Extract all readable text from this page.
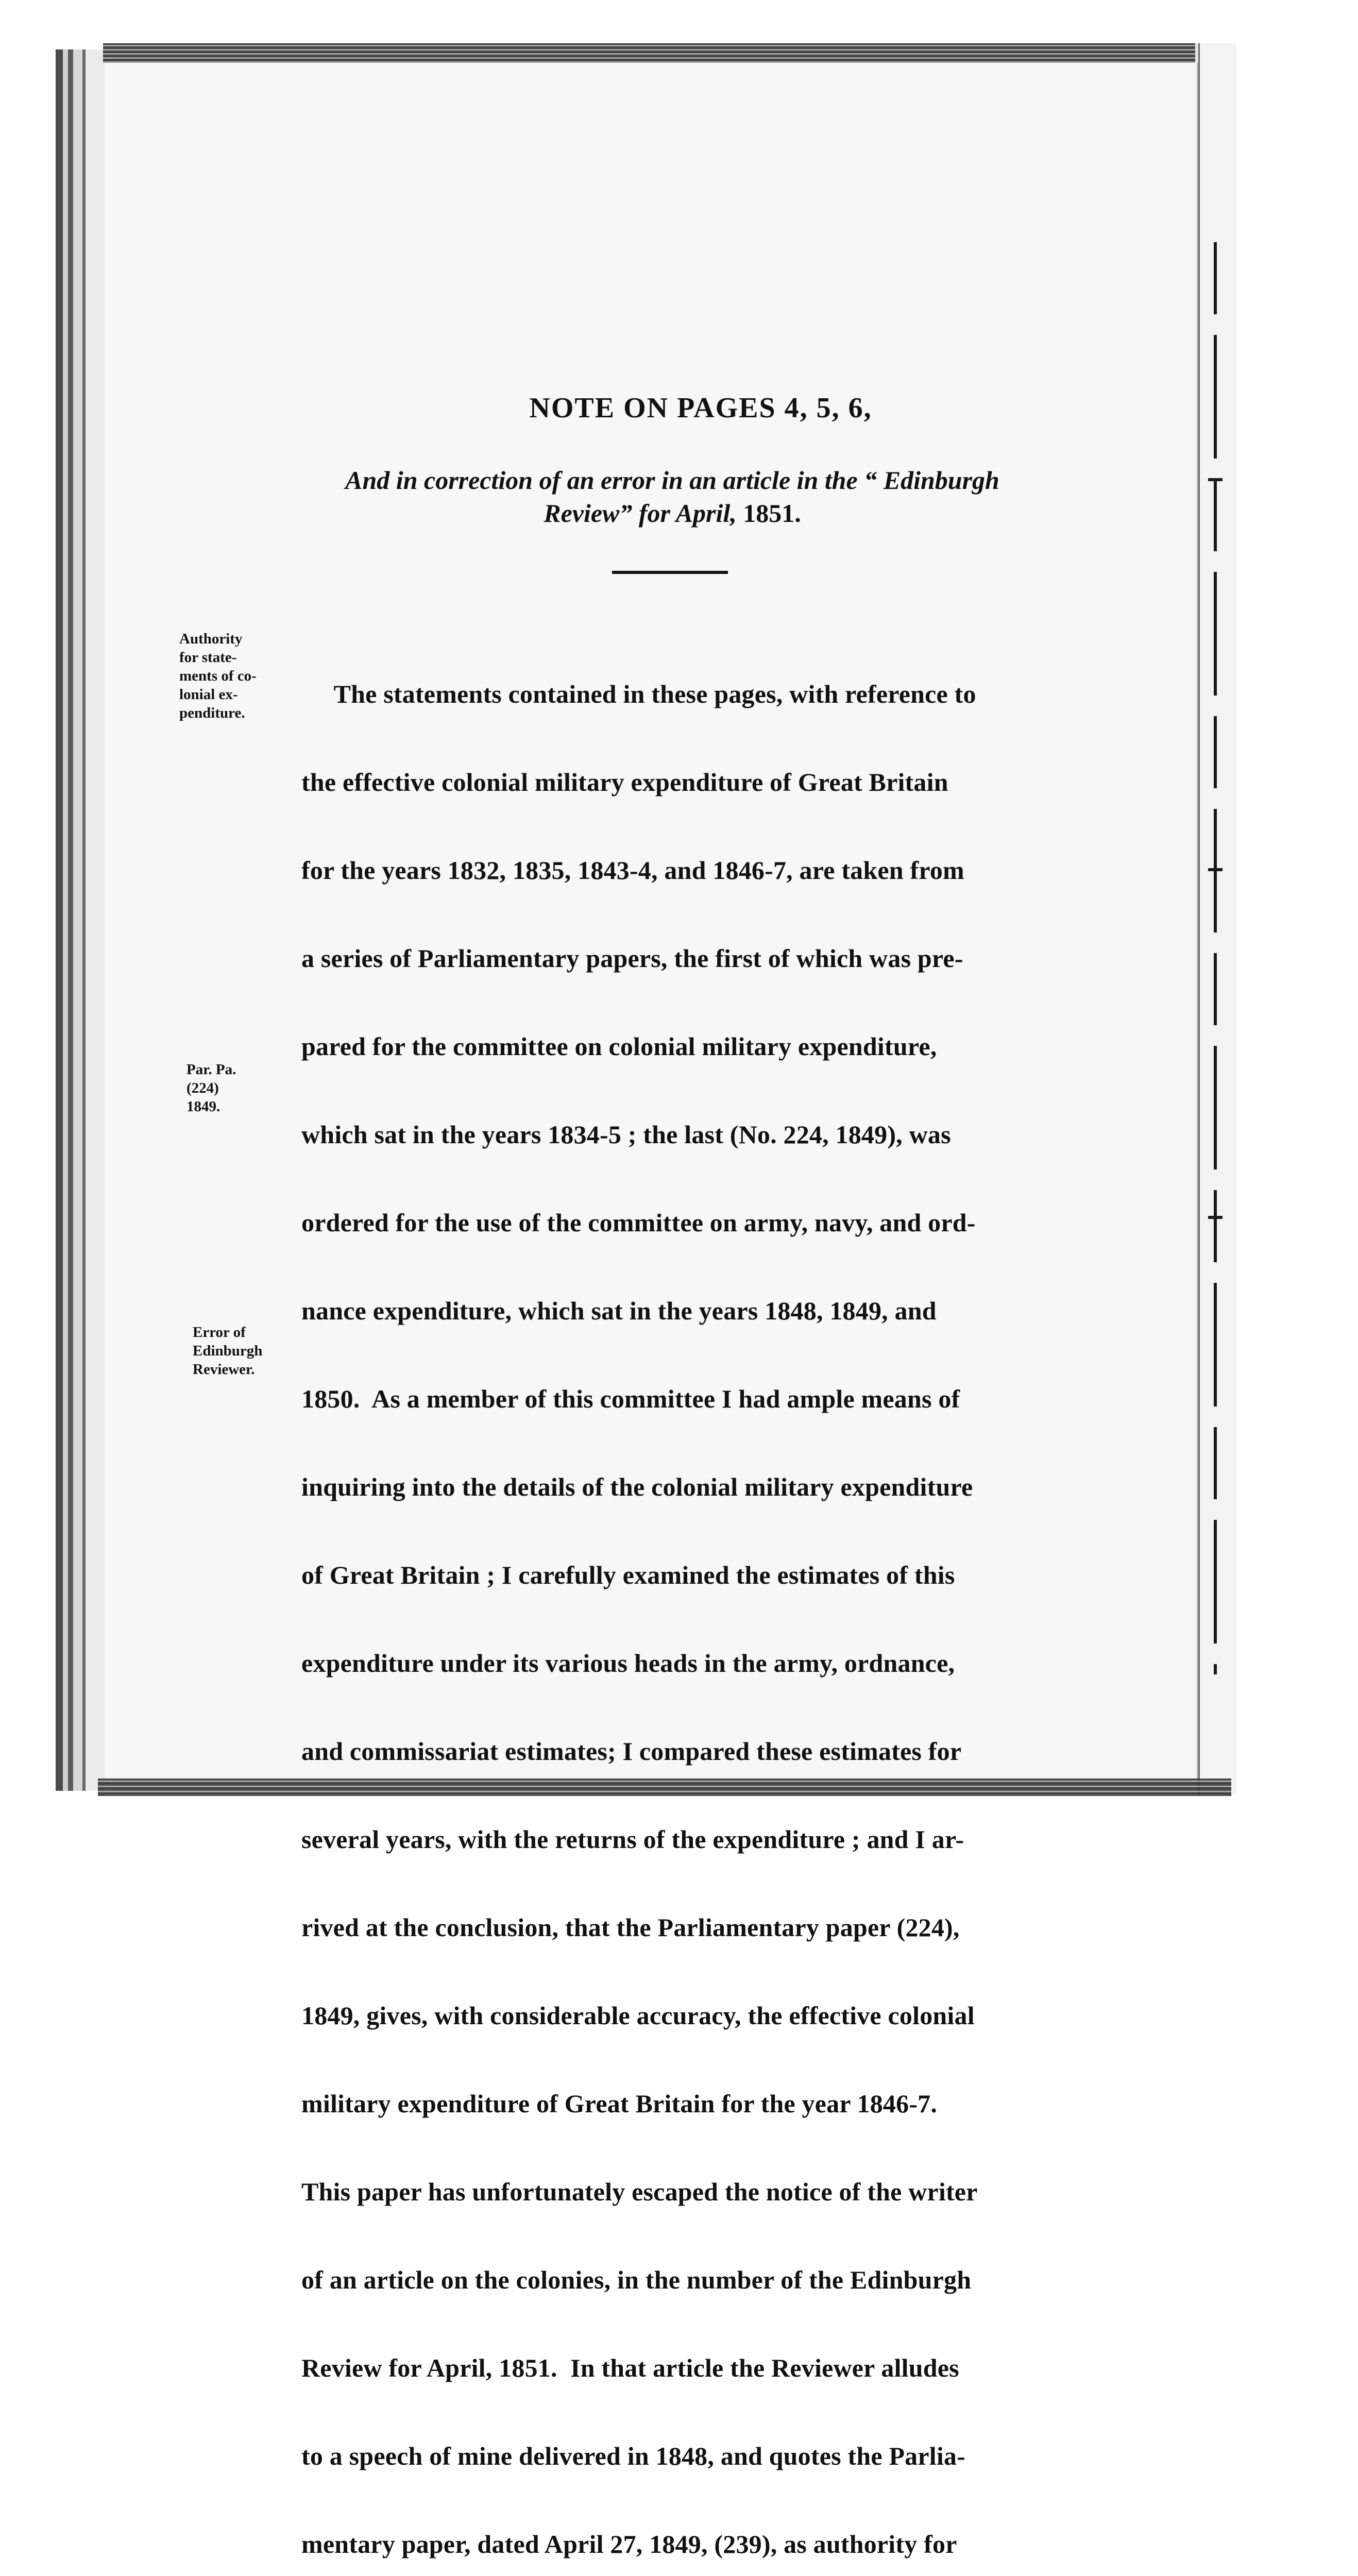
NOTE ON PAGES 4, 5, 6,
And in correction of an error in an article in the “ Edinburgh
Review” for April, 1851.
Authority
for state-
ments of co-
lonial ex-
penditure.
Par. Pa.
(224)
1849.
Error of
Edinburgh
Reviewer.

The statements contained in these pages, with reference to

the effective colonial military expenditure of Great Britain

for the years 1832, 1835, 1843-4, and 1846-7, are taken from

a series of Parliamentary papers, the first of which was pre-

pared for the committee on colonial military expenditure,

which sat in the years 1834-5 ; the last (No. 224, 1849), was

ordered for the use of the committee on army, navy, and ord-

nance expenditure, which sat in the years 1848, 1849, and

1850.  As a member of this committee I had ample means of

inquiring into the details of the colonial military expenditure

of Great Britain ; I carefully examined the estimates of this

expenditure under its various heads in the army, ordnance,

and commissariat estimates; I compared these estimates for

several years, with the returns of the expenditure ; and I ar-

rived at the conclusion, that the Parliamentary paper (224),

1849, gives, with considerable accuracy, the effective colonial

military expenditure of Great Britain for the year 1846-7.

This paper has unfortunately escaped the notice of the writer

of an article on the colonies, in the number of the Edinburgh

Review for April, 1851.  In that article the Reviewer alludes

to a speech of mine delivered in 1848, and quotes the Parlia-

mentary paper, dated April 27, 1849, (239), as authority for
